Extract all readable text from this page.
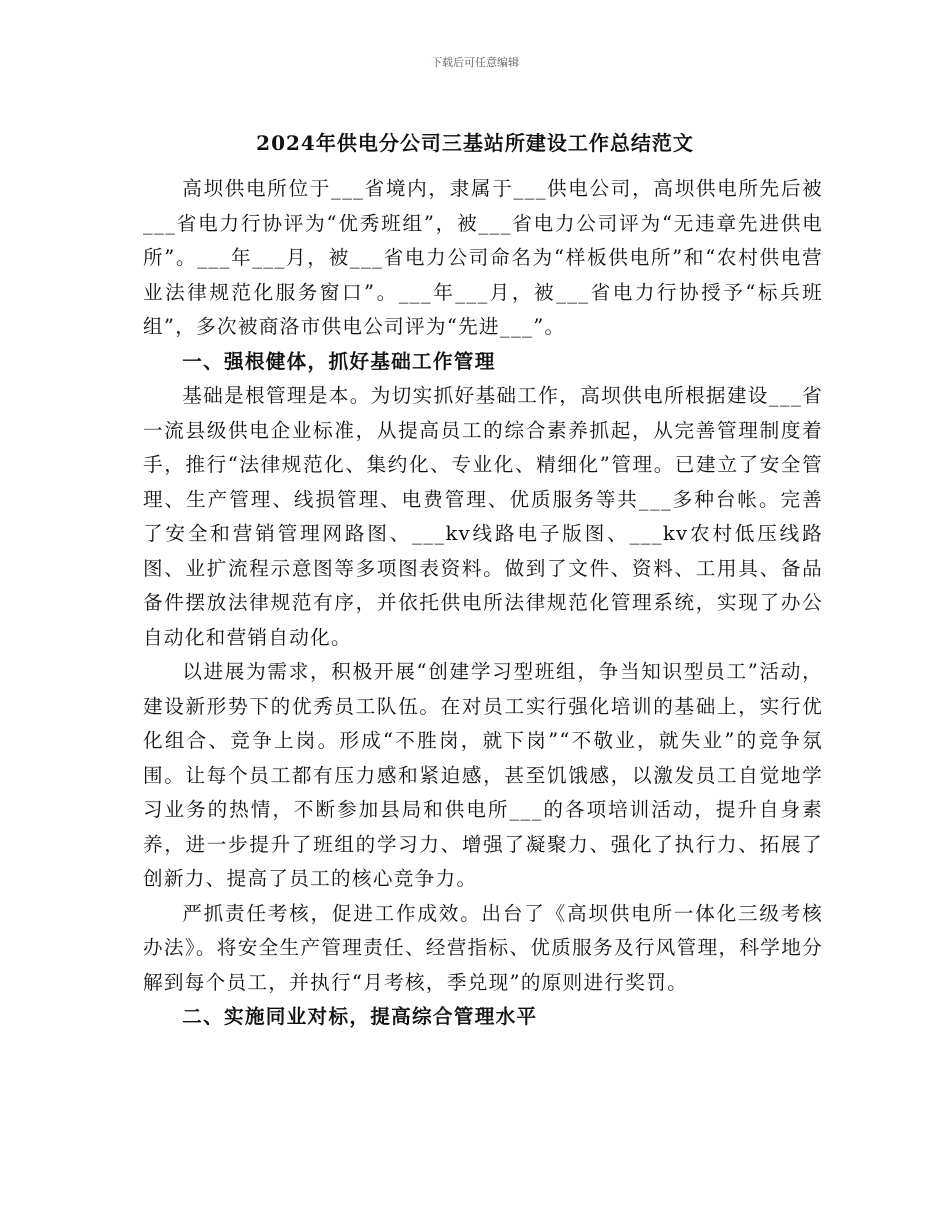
下载后可任意编辑
2024年供电分公司三基站所建设工作总结范文

高坝供电所位于___省境内，隶属于___供电公司，高坝供电所先后被___省电力行协评为“优秀班组”，被___省电力公司评为“无违章先进供电所”。___年___月，被___省电力公司命名为“样板供电所”和“农村供电营业法律规范化服务窗口”。___年___月，被___省电力行协授予“标兵班组”，多次被商洛市供电公司评为“先进___”。

一、强根健体，抓好基础工作管理

基础是根管理是本。为切实抓好基础工作，高坝供电所根据建设___省一流县级供电企业标准，从提高员工的综合素养抓起，从完善管理制度着手，推行“法律规范化、集约化、专业化、精细化”管理。已建立了安全管理、生产管理、线损管理、电费管理、优质服务等共___多种台帐。完善了安全和营销管理网路图、___kv线路电子版图、___kv农村低压线路图、业扩流程示意图等多项图表资料。做到了文件、资料、工用具、备品备件摆放法律规范有序，并依托供电所法律规范化管理系统，实现了办公自动化和营销自动化。

以进展为需求，积极开展“创建学习型班组，争当知识型员工”活动，建设新形势下的优秀员工队伍。在对员工实行强化培训的基础上，实行优化组合、竞争上岗。形成“不胜岗，就下岗”“不敬业，就失业”的竞争氛围。让每个员工都有压力感和紧迫感，甚至饥饿感，以激发员工自觉地学习业务的热情，不断参加县局和供电所___的各项培训活动，提升自身素养，进一步提升了班组的学习力、增强了凝聚力、强化了执行力、拓展了创新力、提高了员工的核心竞争力。

严抓责任考核，促进工作成效。出台了《高坝供电所一体化三级考核办法》。将安全生产管理责任、经营指标、优质服务及行风管理，科学地分解到每个员工，并执行“月考核，季兑现”的原则进行奖罚。

二、实施同业对标，提高综合管理水平
